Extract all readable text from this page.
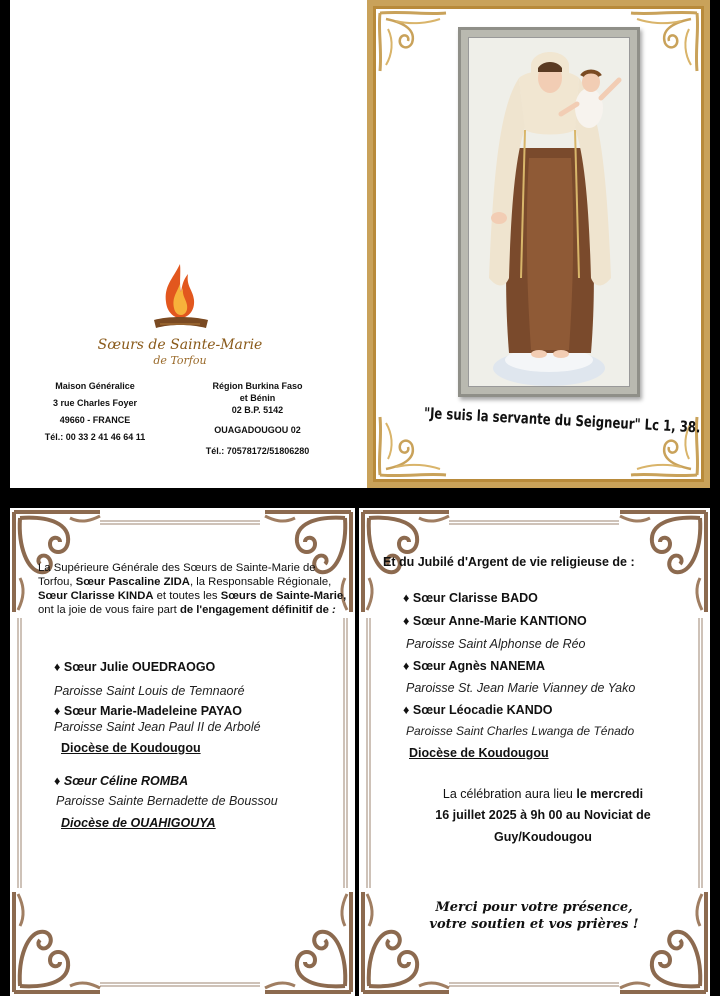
Sœurs de Sainte-Marie
de Torfou
Maison Généralice
3 rue Charles Foyer
49660 - FRANCE
Tél.: 00 33 2 41 46 64 11
Région Burkina Faso
et Bénin
02 B.P. 5142
OUAGADOUGOU 02
Tél.: 70578172/51806280
"Je suis la servante du Seigneur" Lc 1, 38.
La Supérieure Générale des Sœurs de Sainte-Marie de Torfou, Sœur Pascaline ZIDA, la Responsable Régionale, Sœur Clarisse KINDA et toutes les Sœurs de Sainte-Marie, ont la joie de vous faire part de l'engagement définitif de :
♦ Sœur Julie OUEDRAOGO
Paroisse Saint Louis de Temnaoré
♦ Sœur Marie-Madeleine PAYAO
Paroisse Saint Jean Paul II de Arbolé
Diocèse de Koudougou
♦ Sœur Céline ROMBA
Paroisse Sainte Bernadette de Boussou
Diocèse de OUAHIGOUYA
Et du Jubilé d'Argent de vie religieuse de :
♦ Sœur Clarisse BADO
♦ Sœur Anne-Marie KANTIONO
Paroisse Saint Alphonse de Réo
♦ Sœur Agnès NANEMA
Paroisse St. Jean Marie Vianney de Yako
♦ Sœur Léocadie KANDO
Paroisse Saint Charles Lwanga de Ténado
Diocèse de Koudougou
La célébration aura lieu le mercredi
16 juillet 2025 à 9h 00 au Noviciat de
Guy/Koudougou
Merci pour votre présence,
votre soutien et vos prières !
